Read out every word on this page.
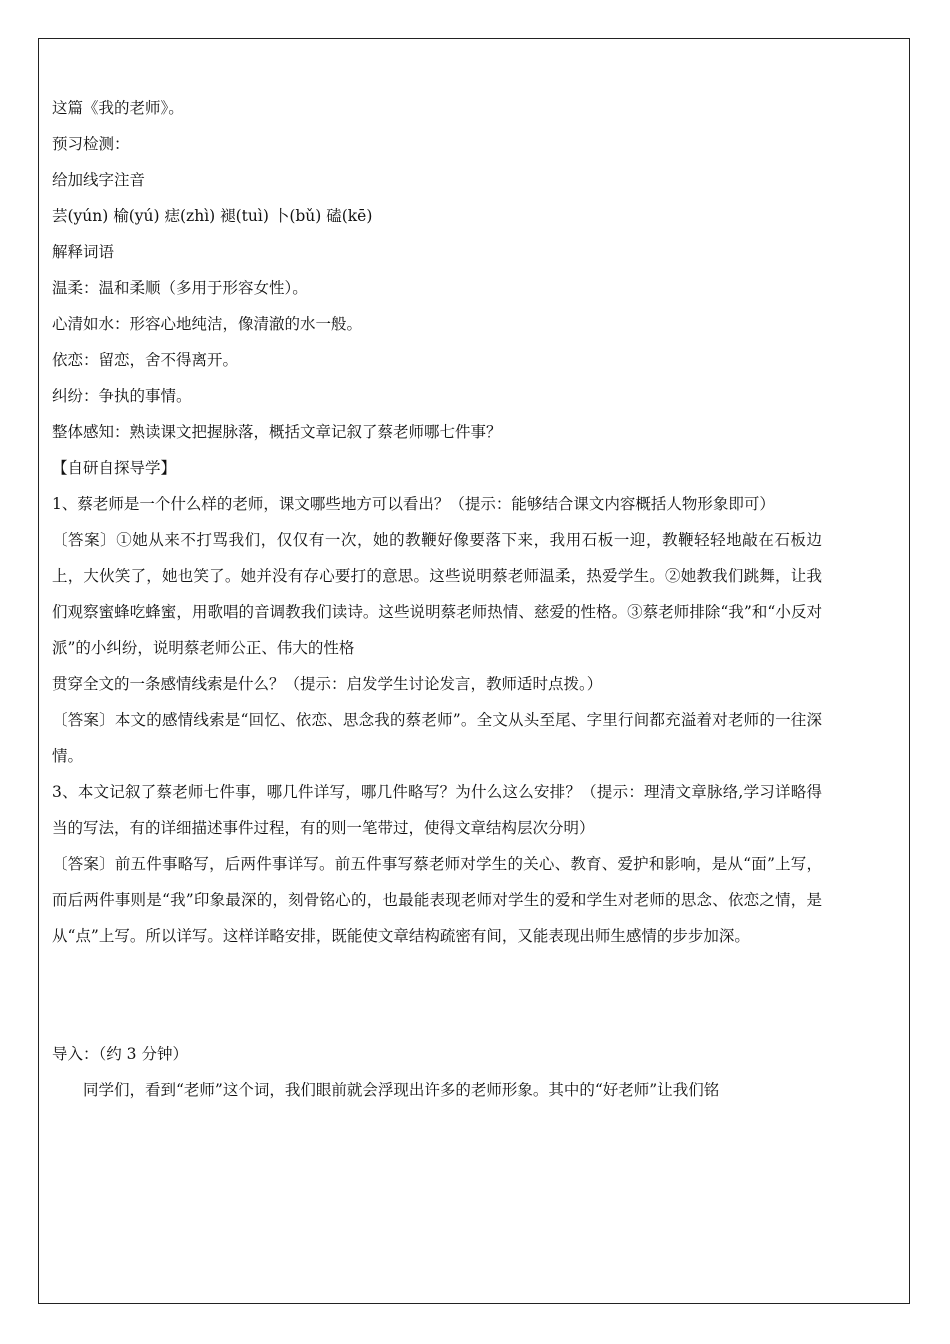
这篇《我的老师》。
预习检测：
给加线字注音
芸(yún) 榆(yú) 痣(zhì) 褪(tuì) 卜(bǔ) 磕(kē)
解释词语
温柔：温和柔顺（多用于形容女性）。
心清如水：形容心地纯洁，像清澈的水一般。
依恋：留恋，舍不得离开。
纠纷：争执的事情。
整体感知：熟读课文把握脉落，概括文章记叙了蔡老师哪七件事？
【自研自探导学】
1、蔡老师是一个什么样的老师，课文哪些地方可以看出？（提示：能够结合课文内容概括人物形象即可）
〔答案〕①她从来不打骂我们，仅仅有一次，她的教鞭好像要落下来，我用石板一迎，教鞭轻轻地敲在石板边上，大伙笑了，她也笑了。她并没有存心要打的意思。这些说明蔡老师温柔，热爱学生。②她教我们跳舞，让我们观察蜜蜂吃蜂蜜，用歌唱的音调教我们读诗。这些说明蔡老师热情、慈爱的性格。③蔡老师排除“我”和“小反对派”的小纠纷，说明蔡老师公正、伟大的性格
贯穿全文的一条感情线索是什么？（提示：启发学生讨论发言，教师适时点拨。）
〔答案〕本文的感情线索是“回忆、依恋、思念我的蔡老师”。全文从头至尾、字里行间都充溢着对老师的一往深情。
3、本文记叙了蔡老师七件事，哪几件详写，哪几件略写？为什么这么安排？（提示：理清文章脉络,学习详略得当的写法，有的详细描述事件过程，有的则一笔带过，使得文章结构层次分明）
〔答案〕前五件事略写，后两件事详写。前五件事写蔡老师对学生的关心、教育、爱护和影响，是从“面”上写，而后两件事则是“我”印象最深的，刻骨铭心的，也最能表现老师对学生的爱和学生对老师的思念、依恋之情，是从“点”上写。所以详写。这样详略安排，既能使文章结构疏密有间，又能表现出师生感情的步步加深。
导入：（约 3 分钟）
同学们，看到“老师”这个词，我们眼前就会浮现出许多的老师形象。其中的“好老师”让我们铭
